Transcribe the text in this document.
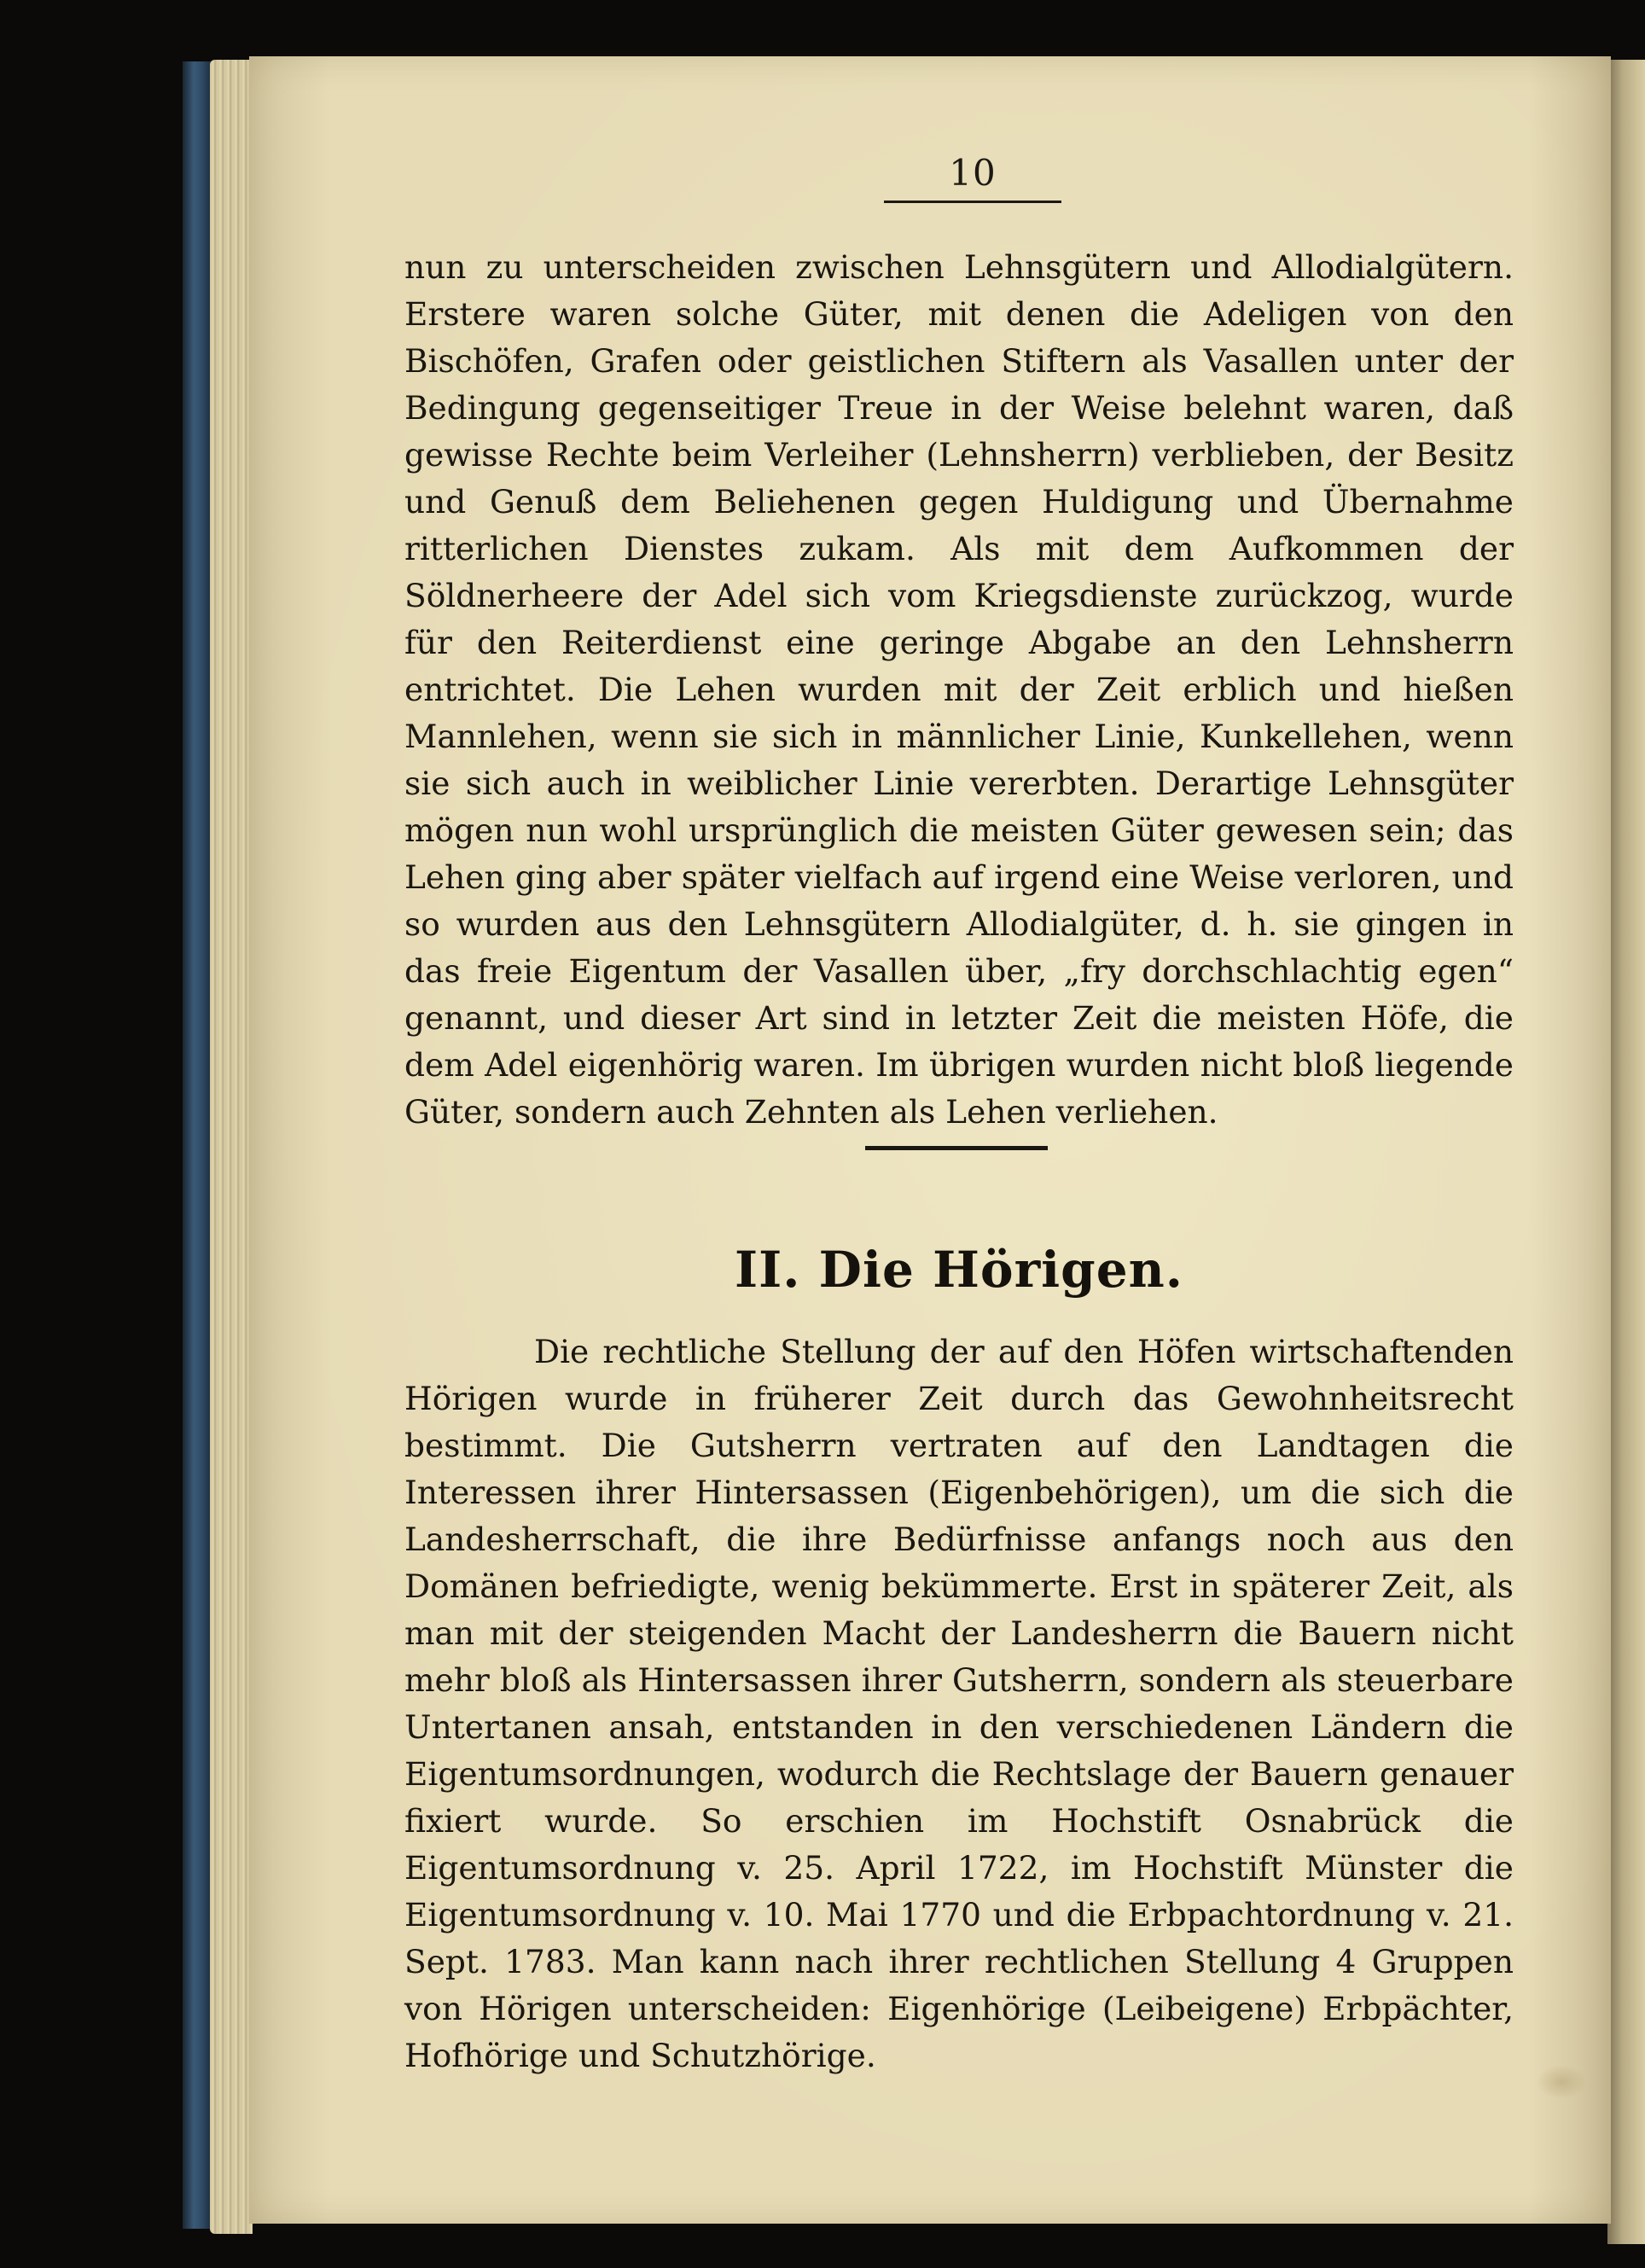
10

nun zu unterscheiden zwischen Lehnsgütern und Allodialgütern. Erstere waren solche Güter, mit denen die Adeligen von den Bischöfen, Grafen oder geistlichen Stiftern als Vasallen unter der Bedingung gegenseitiger Treue in der Weise belehnt waren, daß gewisse Rechte beim Verleiher (Lehnsherrn) verblieben, der Besitz und Genuß dem Beliehenen gegen Huldigung und Übernahme ritterlichen Dienstes zukam. Als mit dem Aufkommen der Söldnerheere der Adel sich vom Kriegsdienste zurückzog, wurde für den Reiterdienst eine geringe Abgabe an den Lehnsherrn entrichtet. Die Lehen wurden mit der Zeit erblich und hießen Mannlehen, wenn sie sich in männlicher Linie, Kunkellehen, wenn sie sich auch in weiblicher Linie vererbten. Derartige Lehnsgüter mögen nun wohl ursprünglich die meisten Güter gewesen sein; das Lehen ging aber später vielfach auf irgend eine Weise verloren, und so wurden aus den Lehnsgütern Allodialgüter, d. h. sie gingen in das freie Eigentum der Vasallen über, „fry dorchschlachtig egen“ genannt, und dieser Art sind in letzter Zeit die meisten Höfe, die dem Adel eigenhörig waren. Im übrigen wurden nicht bloß liegende Güter, sondern auch Zehnten als Lehen verliehen.

II. Die Hörigen.

Die rechtliche Stellung der auf den Höfen wirtschaftenden Hörigen wurde in früherer Zeit durch das Gewohnheitsrecht bestimmt. Die Gutsherrn vertraten auf den Landtagen die Interessen ihrer Hintersassen (Eigenbehörigen), um die sich die Landesherrschaft, die ihre Bedürfnisse anfangs noch aus den Domänen befriedigte, wenig bekümmerte. Erst in späterer Zeit, als man mit der steigenden Macht der Landesherrn die Bauern nicht mehr bloß als Hintersassen ihrer Gutsherrn, sondern als steuerbare Untertanen ansah, entstanden in den verschiedenen Ländern die Eigentumsordnungen, wodurch die Rechtslage der Bauern genauer fixiert wurde. So erschien im Hochstift Osnabrück die Eigentumsordnung v. 25. April 1722, im Hochstift Münster die Eigentumsordnung v. 10. Mai 1770 und die Erbpachtordnung v. 21. Sept. 1783. Man kann nach ihrer rechtlichen Stellung 4 Gruppen von Hörigen unterscheiden: Eigenhörige (Leibeigene) Erbpächter, Hofhörige und Schutzhörige.
